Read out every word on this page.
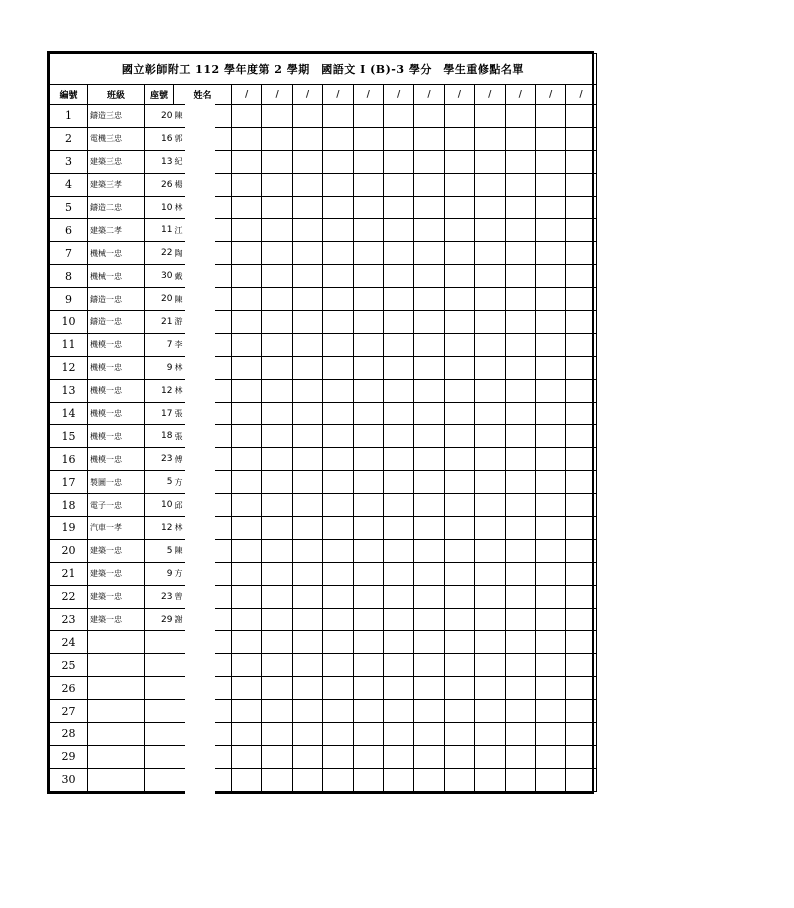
國立彰師附工 112 學年度第 2 學期　國語文 I (B)-3 學分　學生重修點名單															
編號	班級	座號	姓名	/	/	/	/	/	/	/	/	/	/	/	/
1	鑄造三忠	20	陳												
2	電機三忠	16	郭												
3	建築三忠	13	紀												
4	建築三孝	26	楊												
5	鑄造二忠	10	林												
6	建築二孝	11	江												
7	機械一忠	22	陶												
8	機械一忠	30	戴												
9	鑄造一忠	20	陳												
10	鑄造一忠	21	游												
11	機模一忠	7	李												
12	機模一忠	9	林												
13	機模一忠	12	林												
14	機模一忠	17	張												
15	機模一忠	18	張												
16	機模一忠	23	傅												
17	製圖一忠	5	方												
18	電子一忠	10	邱												
19	汽車一孝	12	林												
20	建築一忠	5	陳												
21	建築一忠	9	方												
22	建築一忠	23	曾												
23	建築一忠	29	謝												
24															
25															
26															
27															
28															
29															
30															
